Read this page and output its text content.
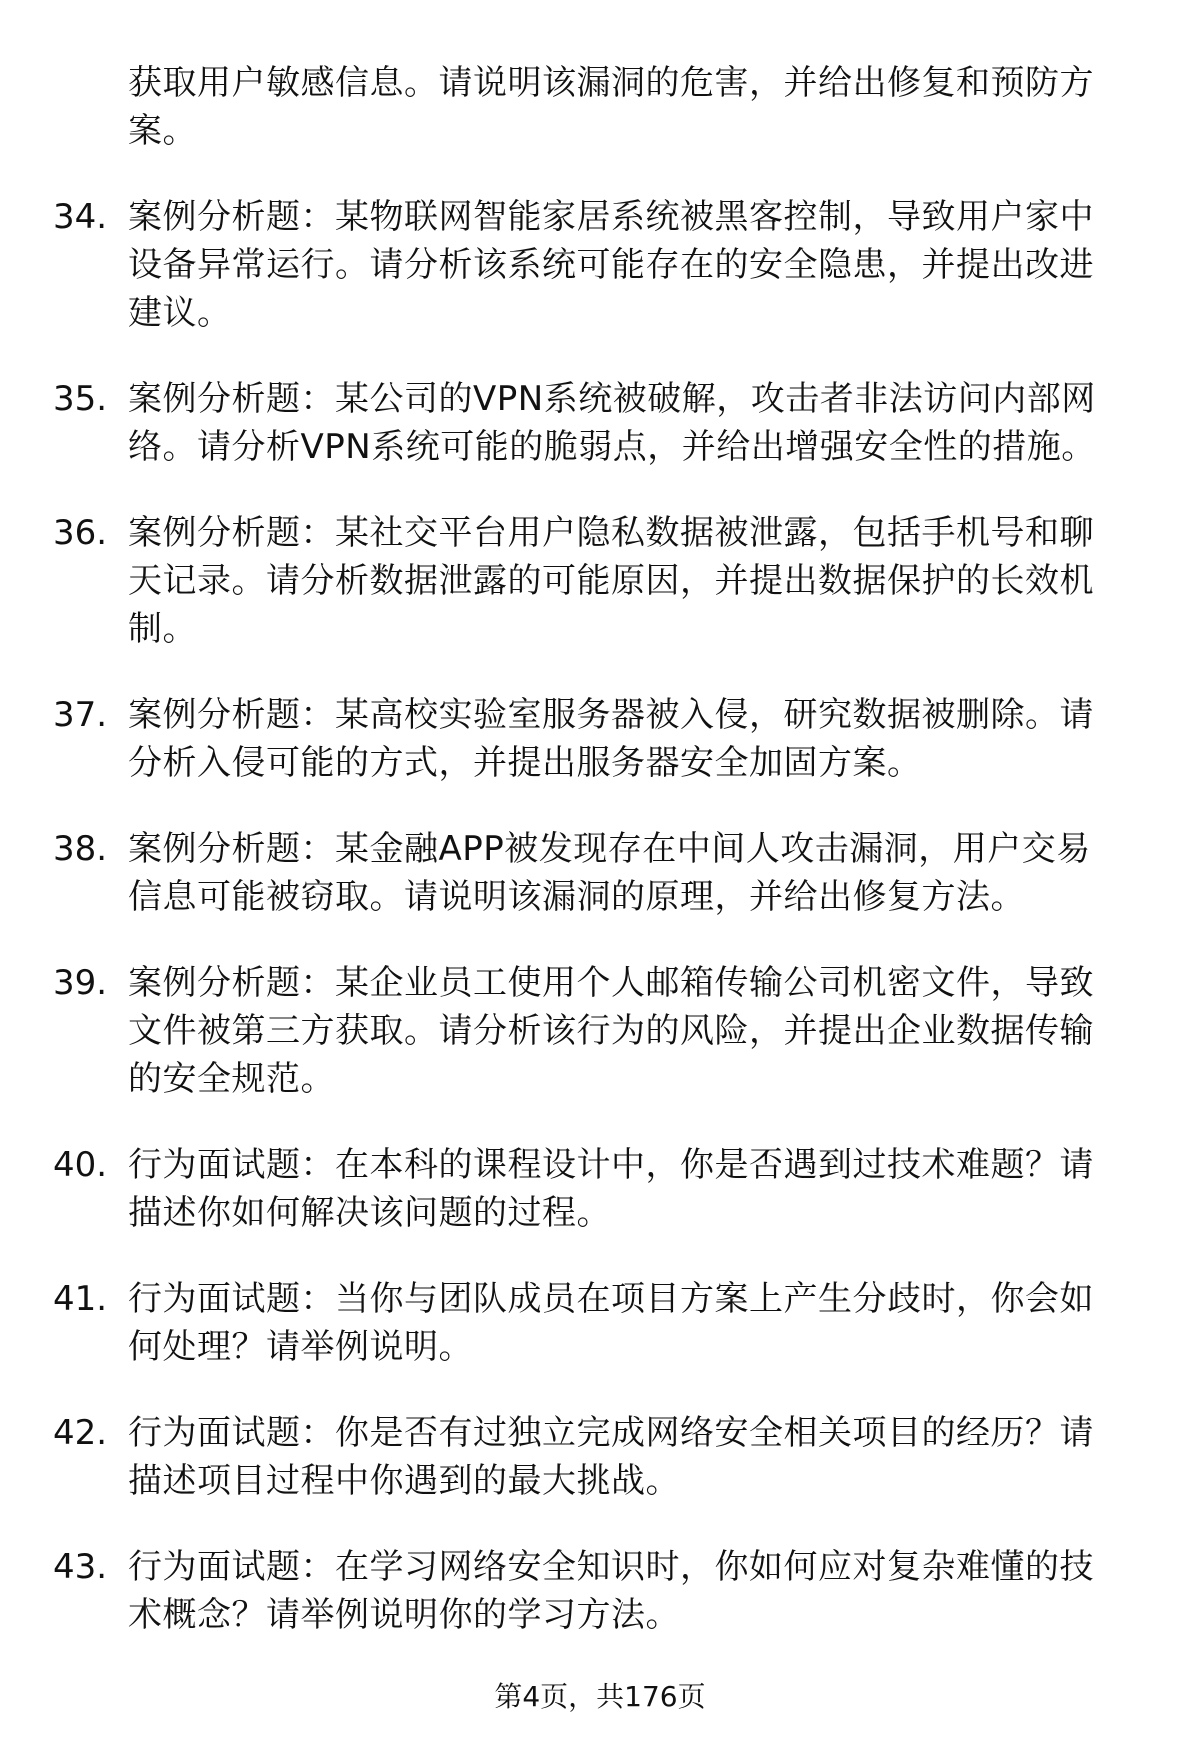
获取用户敏感信息。请说明该漏洞的危害，并给出修复和预防方
案。
34. 案例分析题：某物联网智能家居系统被黑客控制，导致用户家中
设备异常运行。请分析该系统可能存在的安全隐患，并提出改进
建议。
35. 案例分析题：某公司的VPN系统被破解，攻击者非法访问内部网
络。请分析VPN系统可能的脆弱点，并给出增强安全性的措施。
36. 案例分析题：某社交平台用户隐私数据被泄露，包括手机号和聊
天记录。请分析数据泄露的可能原因，并提出数据保护的长效机
制。
37. 案例分析题：某高校实验室服务器被入侵，研究数据被删除。请
分析入侵可能的方式，并提出服务器安全加固方案。
38. 案例分析题：某金融APP被发现存在中间人攻击漏洞，用户交易
信息可能被窃取。请说明该漏洞的原理，并给出修复方法。
39. 案例分析题：某企业员工使用个人邮箱传输公司机密文件，导致
文件被第三方获取。请分析该行为的风险，并提出企业数据传输
的安全规范。
40. 行为面试题：在本科的课程设计中，你是否遇到过技术难题？请
描述你如何解决该问题的过程。
41. 行为面试题：当你与团队成员在项目方案上产生分歧时，你会如
何处理？请举例说明。
42. 行为面试题：你是否有过独立完成网络安全相关项目的经历？请
描述项目过程中你遇到的最大挑战。
43. 行为面试题：在学习网络安全知识时，你如何应对复杂难懂的技
术概念？请举例说明你的学习方法。
第4页，共176页
